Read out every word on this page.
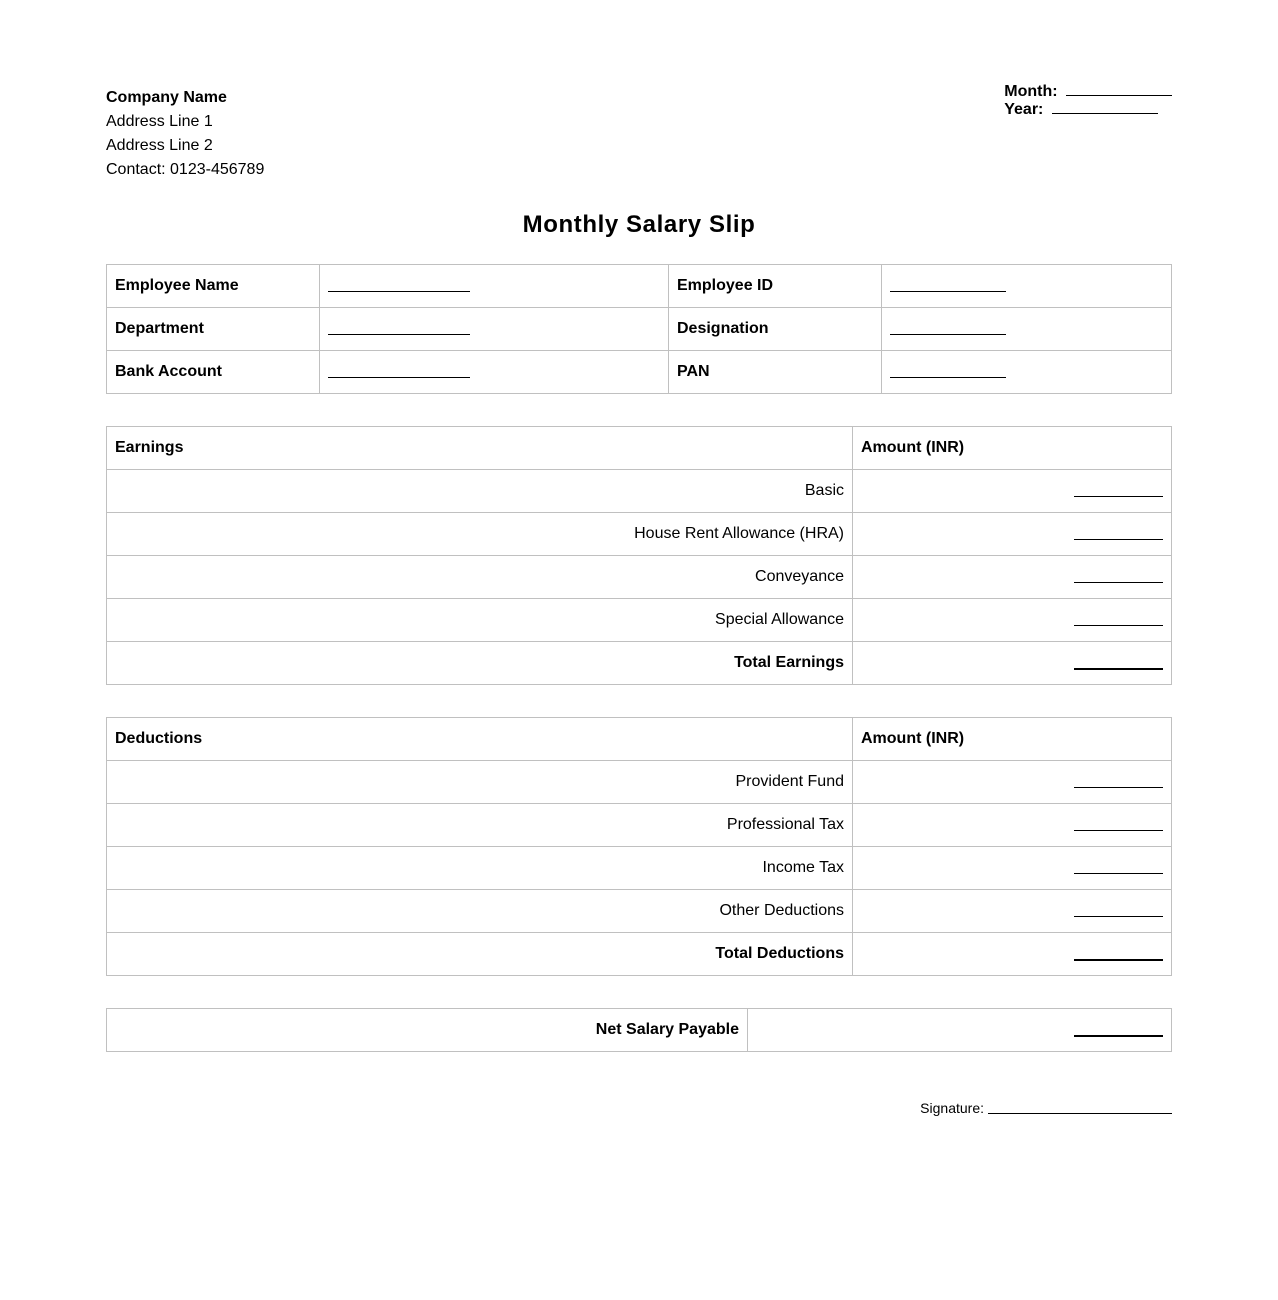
Company Name
Address Line 1
Address Line 2
Contact: 0123-456789
Month:
Year:
Monthly Salary Slip
Employee Name		Employee ID	
Department		Designation	
Bank Account		PAN	
Earnings	Amount (INR)
Basic	
House Rent Allowance (HRA)	
Conveyance	
Special Allowance	
Total Earnings	
Deductions	Amount (INR)
Provident Fund	
Professional Tax	
Income Tax	
Other Deductions	
Total Deductions	
Net Salary Payable	
Signature:
